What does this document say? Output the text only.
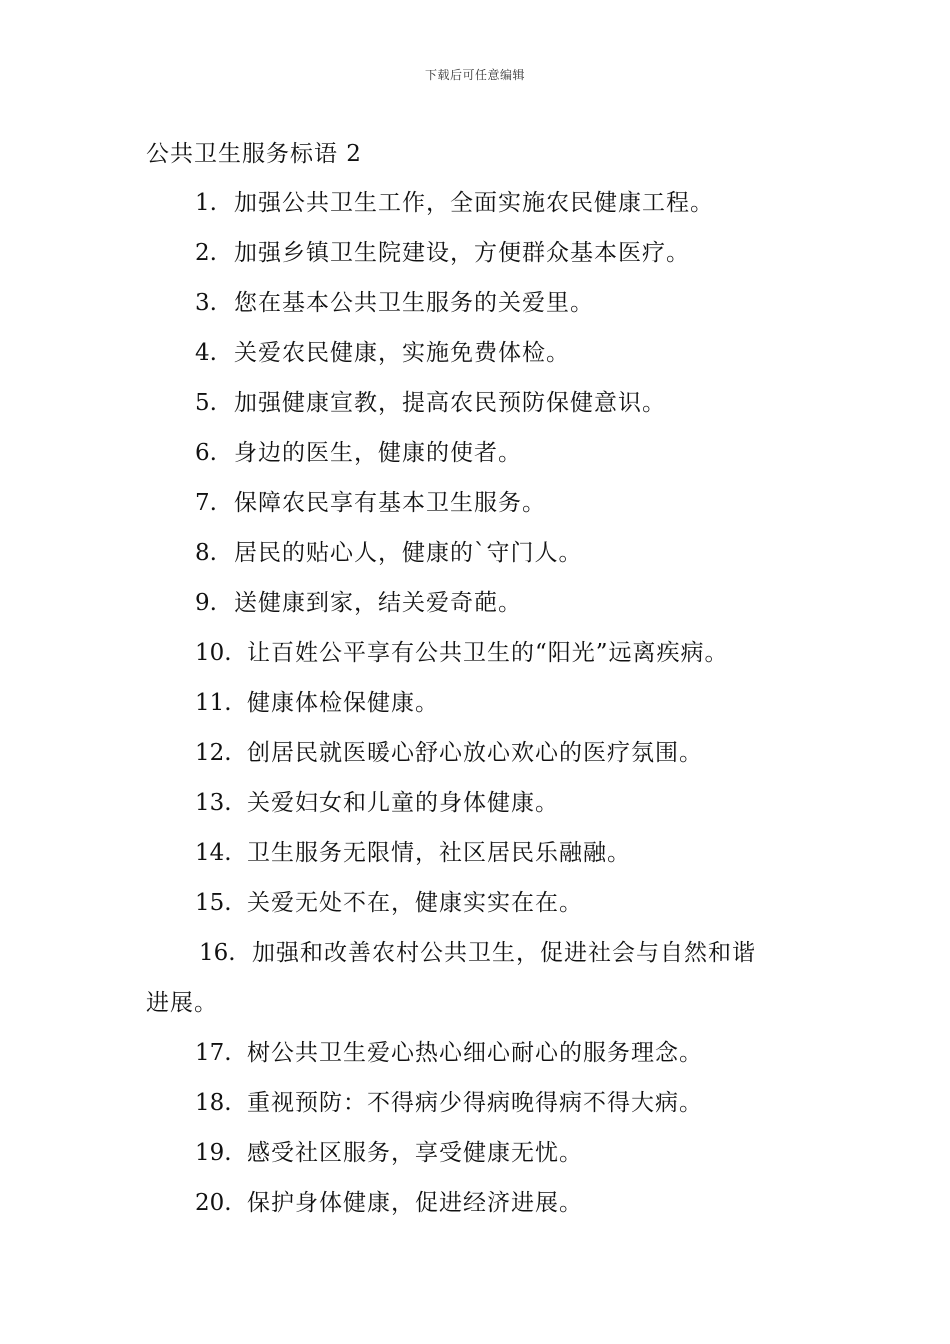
下载后可任意编辑
公共卫生服务标语 2
1. 加强公共卫生工作，全面实施农民健康工程。
2. 加强乡镇卫生院建设，方便群众基本医疗。
3. 您在基本公共卫生服务的关爱里。
4. 关爱农民健康，实施免费体检。
5. 加强健康宣教，提高农民预防保健意识。
6. 身边的医生，健康的使者。
7. 保障农民享有基本卫生服务。
8. 居民的贴心人，健康的`守门人。
9. 送健康到家，结关爱奇葩。
10. 让百姓公平享有公共卫生的“阳光”远离疾病。
11. 健康体检保健康。
12. 创居民就医暖心舒心放心欢心的医疗氛围。
13. 关爱妇女和儿童的身体健康。
14. 卫生服务无限情，社区居民乐融融。
15. 关爱无处不在，健康实实在在。
16. 加强和改善农村公共卫生，促进社会与自然和谐
进展。
17. 树公共卫生爱心热心细心耐心的服务理念。
18. 重视预防：不得病少得病晚得病不得大病。
19. 感受社区服务，享受健康无忧。
20. 保护身体健康，促进经济进展。
